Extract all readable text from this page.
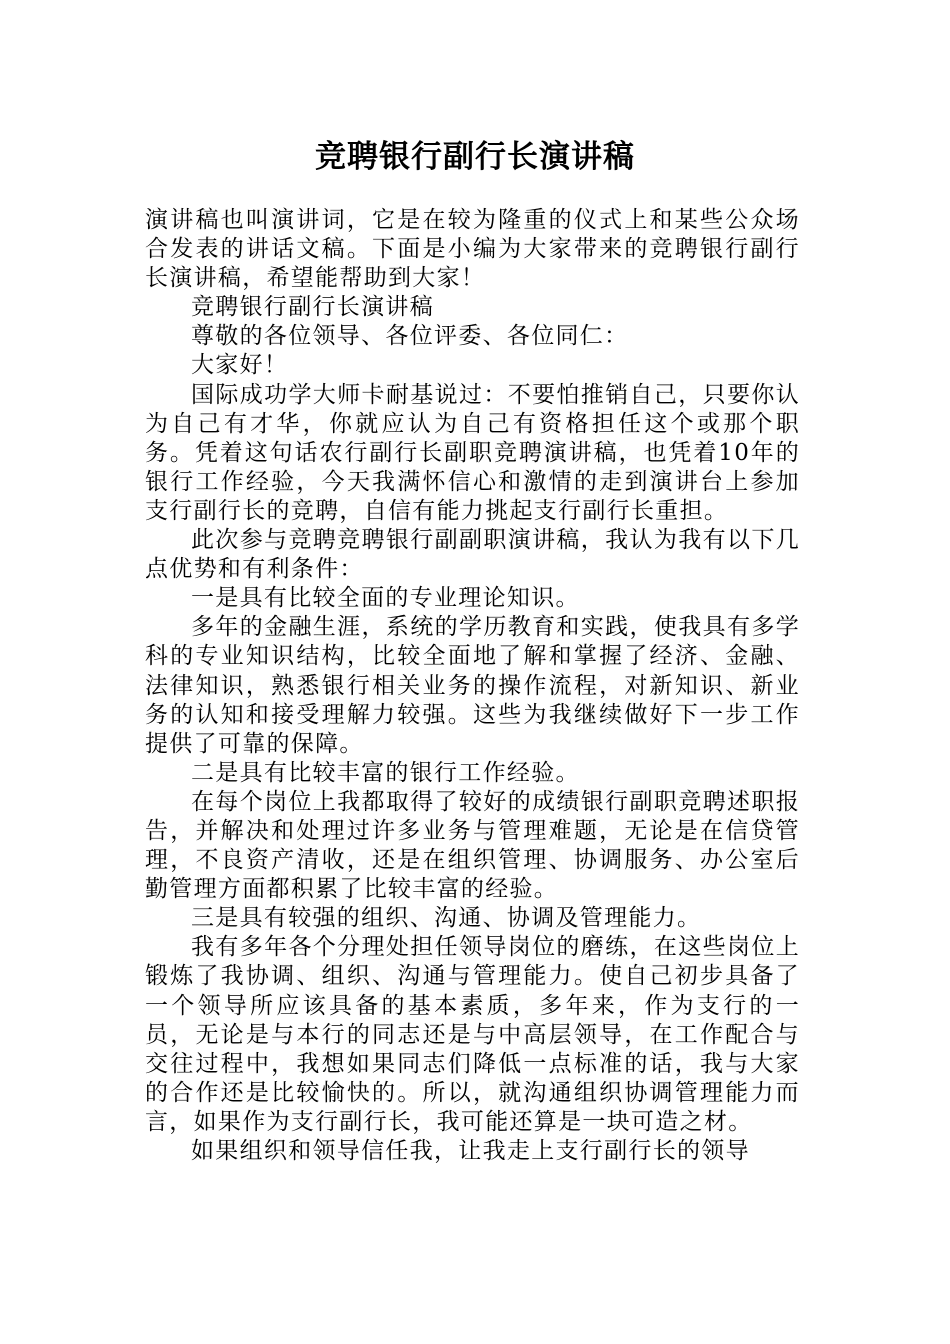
竞聘银行副行长演讲稿

演讲稿也叫演讲词，它是在较为隆重的仪式上和某些公众场合发表的讲话文稿。下面是小编为大家带来的竞聘银行副行长演讲稿，希望能帮助到大家！

竞聘银行副行长演讲稿

尊敬的各位领导、各位评委、各位同仁：

大家好！

国际成功学大师卡耐基说过：不要怕推销自己，只要你认为自己有才华，你就应认为自己有资格担任这个或那个职务。凭着这句话农行副行长副职竞聘演讲稿，也凭着10年的银行工作经验，今天我满怀信心和激情的走到演讲台上参加支行副行长的竞聘，自信有能力挑起支行副行长重担。

此次参与竞聘竞聘银行副副职演讲稿，我认为我有以下几点优势和有利条件：

一是具有比较全面的专业理论知识。

多年的金融生涯，系统的学历教育和实践，使我具有多学科的专业知识结构，比较全面地了解和掌握了经济、金融、法律知识，熟悉银行相关业务的操作流程，对新知识、新业务的认知和接受理解力较强。这些为我继续做好下一步工作提供了可靠的保障。

二是具有比较丰富的银行工作经验。

在每个岗位上我都取得了较好的成绩银行副职竞聘述职报告，并解决和处理过许多业务与管理难题，无论是在信贷管理，不良资产清收，还是在组织管理、协调服务、办公室后勤管理方面都积累了比较丰富的经验。

三是具有较强的组织、沟通、协调及管理能力。

我有多年各个分理处担任领导岗位的磨练，在这些岗位上锻炼了我协调、组织、沟通与管理能力。使自己初步具备了一个领导所应该具备的基本素质，多年来，作为支行的一员，无论是与本行的同志还是与中高层领导，在工作配合与交往过程中，我想如果同志们降低一点标准的话，我与大家的合作还是比较愉快的。所以，就沟通组织协调管理能力而言，如果作为支行副行长，我可能还算是一块可造之材。

如果组织和领导信任我，让我走上支行副行长的领导
